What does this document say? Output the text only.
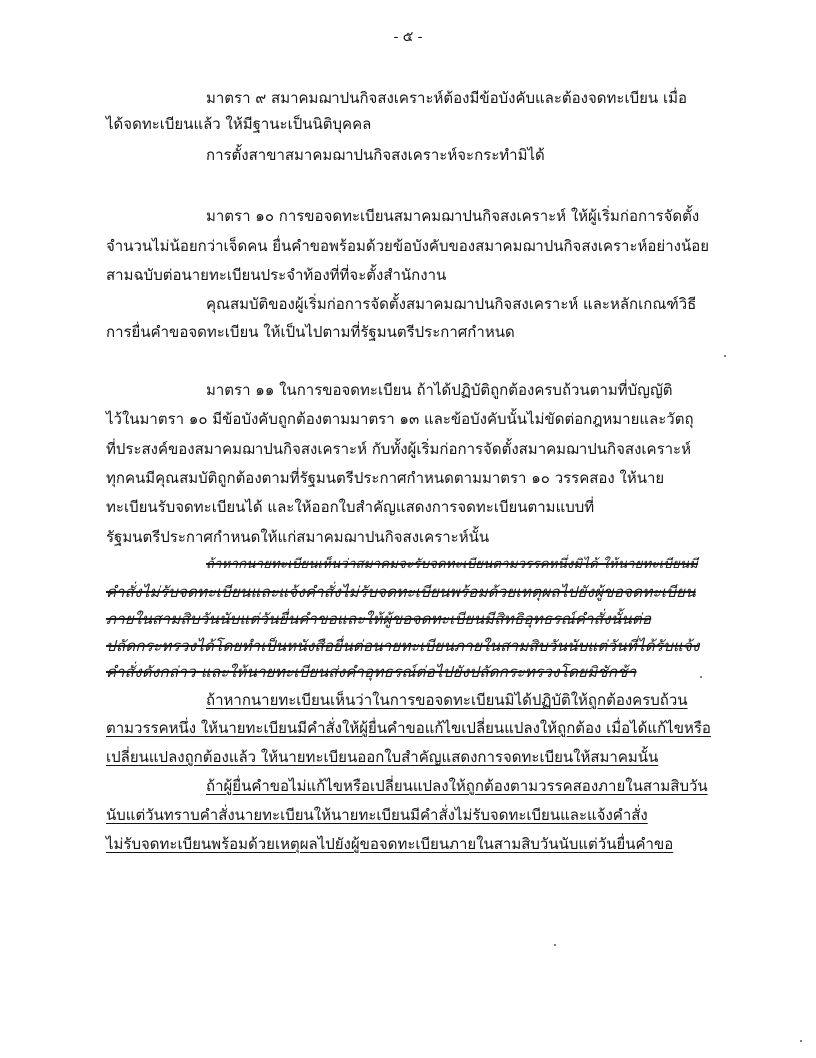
- ๕ -
มาตรา ๙ สมาคมฌาปนกิจสงเคราะห์ต้องมีข้อบังคับและต้องจดทะเบียน เมื่อ
ได้จดทะเบียนแล้ว ให้มีฐานะเป็นนิติบุคคล
การตั้งสาขาสมาคมฌาปนกิจสงเคราะห์จะกระทำมิได้
มาตรา ๑๐ การขอจดทะเบียนสมาคมฌาปนกิจสงเคราะห์ ให้ผู้เริ่มก่อการจัดตั้ง
จำนวนไม่น้อยกว่าเจ็ดคน ยื่นคำขอพร้อมด้วยข้อบังคับของสมาคมฌาปนกิจสงเคราะห์อย่างน้อย
สามฉบับต่อนายทะเบียนประจำท้องที่ที่จะตั้งสำนักงาน
คุณสมบัติของผู้เริ่มก่อการจัดตั้งสมาคมฌาปนกิจสงเคราะห์ และหลักเกณฑ์วิธี
การยื่นคำขอจดทะเบียน ให้เป็นไปตามที่รัฐมนตรีประกาศกำหนด
มาตรา ๑๑ ในการขอจดทะเบียน ถ้าได้ปฏิบัติถูกต้องครบถ้วนตามที่บัญญัติ
ไว้ในมาตรา ๑๐ มีข้อบังคับถูกต้องตามมาตรา ๑๓ และข้อบังคับนั้นไม่ขัดต่อกฎหมายและวัตถุ
ที่ประสงค์ของสมาคมฌาปนกิจสงเคราะห์ กับทั้งผู้เริ่มก่อการจัดตั้งสมาคมฌาปนกิจสงเคราะห์
ทุกคนมีคุณสมบัติถูกต้องตามที่รัฐมนตรีประกาศกำหนดตามมาตรา ๑๐ วรรคสอง ให้นาย
ทะเบียนรับจดทะเบียนได้ และให้ออกใบสำคัญแสดงการจดทะเบียนตามแบบที่
รัฐมนตรีประกาศกำหนดให้แก่สมาคมฌาปนกิจสงเคราะห์นั้น
ถ้าหากนายทะเบียนเห็นว่าสมาคมจะรับจดทะเบียนตามวรรคหนึ่งมิได้ ให้นายทะเบียนมี
คำสั่งไม่รับจดทะเบียนและแจ้งคำสั่งไม่รับจดทะเบียนพร้อมด้วยเหตุผลไปยังผู้ขอจดทะเบียน
ภายในสามสิบวันนับแต่วันยื่นคำขอและให้ผู้ขอจดทะเบียนมีสิทธิอุทธรณ์คำสั่งนั้นต่อ
ปลัดกระทรวงได้โดยทำเป็นหนังสือยื่นต่อนายทะเบียนภายในสามสิบวันนับแต่วันที่ได้รับแจ้ง
คำสั่งดังกล่าว และให้นายทะเบียนส่งคำอุทธรณ์ต่อไปยังปลัดกระทรวงโดยมิชักช้า
ถ้าหากนายทะเบียนเห็นว่าในการขอจดทะเบียนมิได้ปฏิบัติให้ถูกต้องครบถ้วน
ตามวรรคหนึ่ง ให้นายทะเบียนมีคำสั่งให้ผู้ยื่นคำขอแก้ไขเปลี่ยนแปลงให้ถูกต้อง เมื่อได้แก้ไขหรือ
เปลี่ยนแปลงถูกต้องแล้ว ให้นายทะเบียนออกใบสำคัญแสดงการจดทะเบียนให้สมาคมนั้น
ถ้าผู้ยื่นคำขอไม่แก้ไขหรือเปลี่ยนแปลงให้ถูกต้องตามวรรคสองภายในสามสิบวัน
นับแต่วันทราบคำสั่งนายทะเบียนให้นายทะเบียนมีคำสั่งไม่รับจดทะเบียนและแจ้งคำสั่ง
ไม่รับจดทะเบียนพร้อมด้วยเหตุผลไปยังผู้ขอจดทะเบียนภายในสามสิบวันนับแต่วันยื่นคำขอ
